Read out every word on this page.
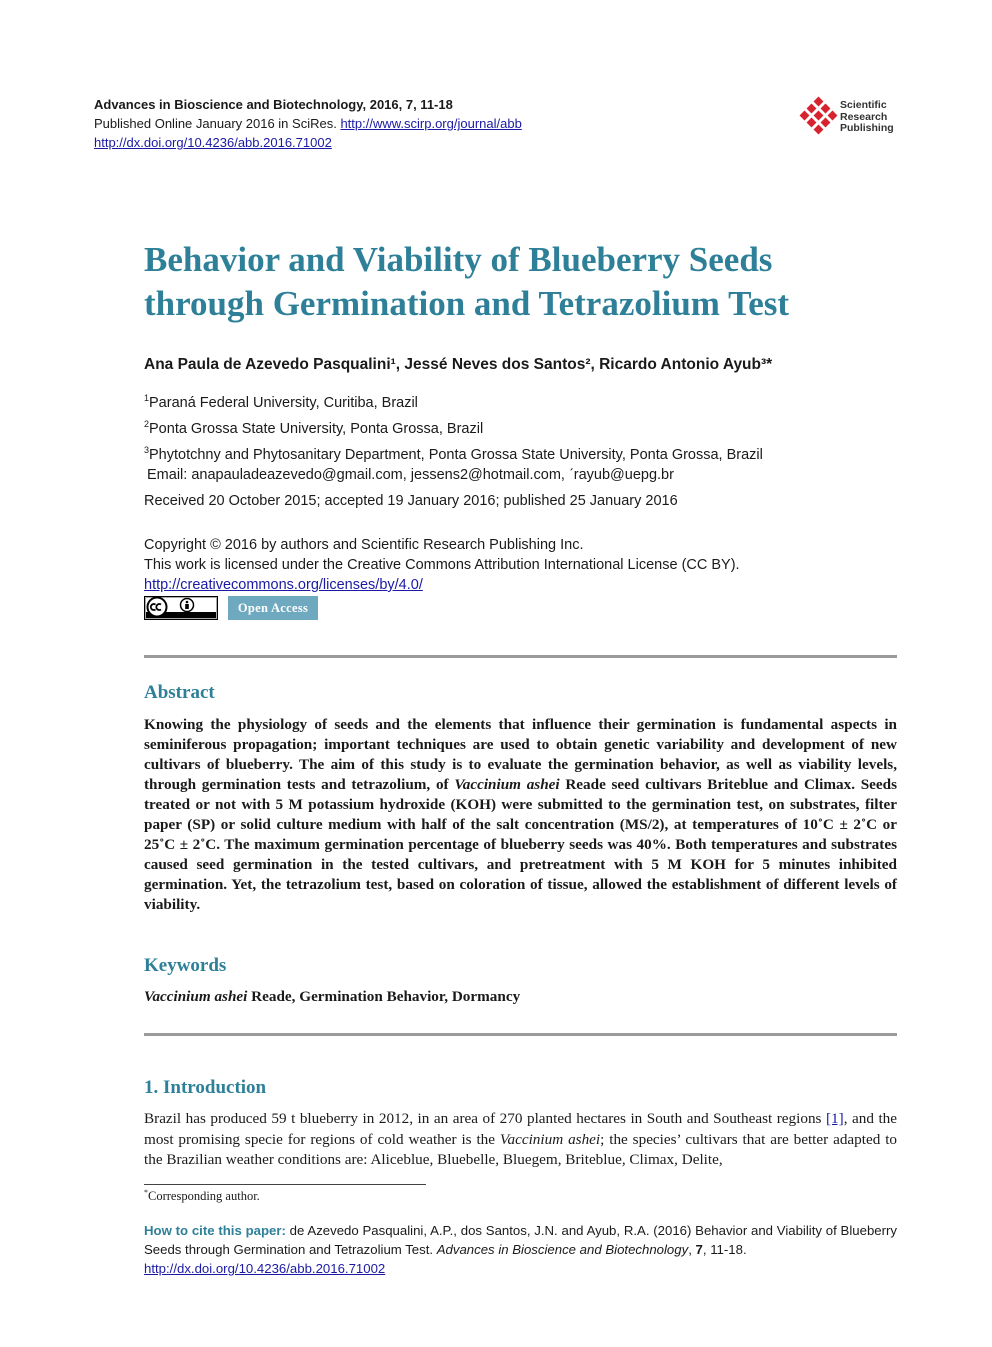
Advances in Bioscience and Biotechnology, 2016, 7, 11-18
Published Online January 2016 in SciRes. http://www.scirp.org/journal/abb
http://dx.doi.org/10.4236/abb.2016.71002
Scientific
Research
Publishing
Behavior and Viability of Blueberry Seeds
through Germination and Tetrazolium Test
Ana Paula de Azevedo Pasqualini¹, Jessé Neves dos Santos², Ricardo Antonio Ayub³*
$^1$Paraná Federal University, Curitiba, Brazil
$^2$Ponta Grossa State University, Ponta Grossa, Brazil
$^3$Phytotchny and Phytosanitary Department, Ponta Grossa State University, Ponta Grossa, Brazil
Email: anapauladeazevedo@gmail.com, jessens2@hotmail.com, ˊrayub@uepg.br
Received 20 October 2015; accepted 19 January 2016; published 25 January 2016
Copyright © 2016 by authors and Scientific Research Publishing Inc.
This work is licensed under the Creative Commons Attribution International License (CC BY).
http://creativecommons.org/licenses/by/4.0/
Open Access
Abstract

Knowing the physiology of seeds and the elements that influence their germination is fundamental aspects in seminiferous propagation; important techniques are used to obtain genetic variability and development of new cultivars of blueberry. The aim of this study is to evaluate the germination behavior, as well as viability levels, through germination tests and tetrazolium, of Vaccinium ashei Reade seed cultivars Briteblue and Climax. Seeds treated or not with 5 M potassium hydroxide (KOH) were submitted to the germination test, on substrates, filter paper (SP) or solid culture medium with half of the salt concentration (MS/2), at temperatures of 10˚C ± 2˚C or 25˚C ± 2˚C. The maximum germination percentage of blueberry seeds was 40%. Both temperatures and substrates caused seed germination in the tested cultivars, and pretreatment with 5 M KOH for 5 minutes inhibited germination. Yet, the tetrazolium test, based on coloration of tissue, allowed the establishment of different levels of viability.

Keywords
Vaccinium ashei Reade, Germination Behavior, Dormancy
1. Introduction

Brazil has produced 59 t blueberry in 2012, in an area of 270 planted hectares in South and Southeast regions [1], and the most promising specie for regions of cold weather is the Vaccinium ashei; the species’ cultivars that are better adapted to the Brazilian weather conditions are: Aliceblue, Bluebelle, Bluegem, Briteblue, Climax, Delite,

*Corresponding author.

How to cite this paper: de Azevedo Pasqualini, A.P., dos Santos, J.N. and Ayub, R.A. (2016) Behavior and Viability of Blueberry Seeds through Germination and Tetrazolium Test. Advances in Bioscience and Biotechnology, 7, 11-18.
http://dx.doi.org/10.4236/abb.2016.71002
